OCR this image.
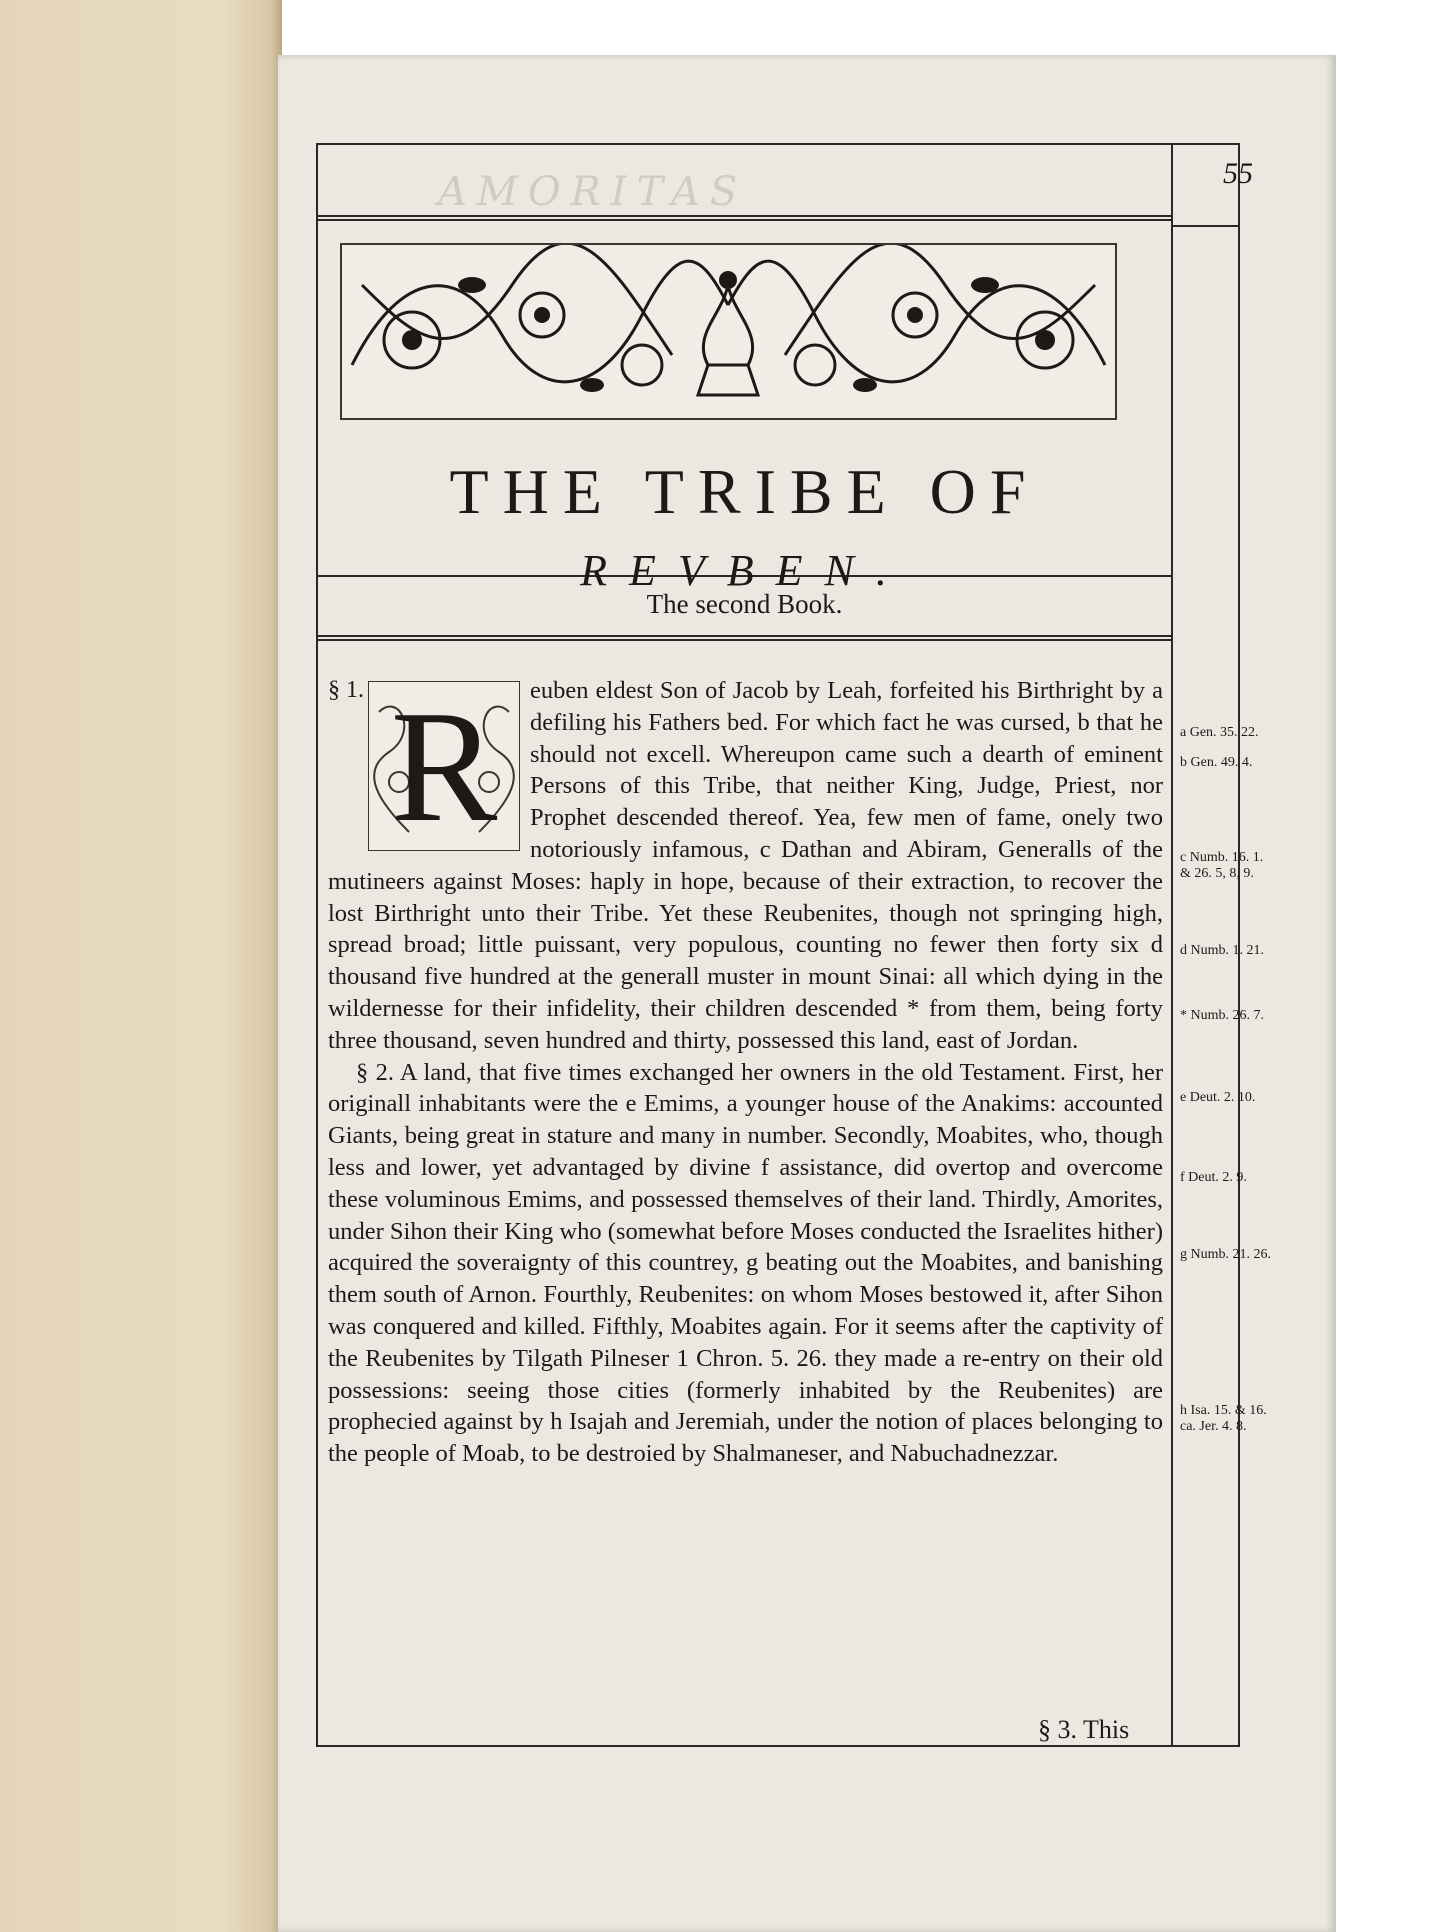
AMORITAS	55
THE TRIBE OF
REVBEN.
The second Book.
§ 1. R	euben eldest Son of Jacob by Leah, forfeited his Birthright by a defiling his Fathers bed. For which fact he was cursed, b that he should not excell. Whereupon came such a dearth of eminent Persons of this Tribe, that neither King, Judge, Priest, nor Prophet descended thereof. Yea, few men of fame, onely two notoriously infamous, c Dathan and Abiram, Generalls of the mutineers against Moses: haply in hope, because of their extraction, to recover the lost Birthright unto their Tribe. Yet these Reubenites, though not springing high, spread broad; little puissant, very populous, counting no fewer then forty six d thousand five hundred at the generall muster in mount Sinai: all which dying in the wildernesse for their infidelity, their children descended * from them, being forty three thousand, seven hundred and thirty, possessed this land, east of Jordan.

§ 2. A land, that five times exchanged her owners in the old Testament. First, her originall inhabitants were the e Emims, a younger house of the Anakims: accounted Giants, being great in stature and many in number. Secondly, Moabites, who, though less and lower, yet advantaged by divine f assistance, did overtop and overcome these voluminous Emims, and possessed themselves of their land. Thirdly, Amorites, under Sihon their King who (somewhat before Moses conducted the Israelites hither) acquired the soveraignty of this countrey, g beating out the Moabites, and banishing them south of Arnon. Fourthly, Reubenites: on whom Moses bestowed it, after Sihon was conquered and killed. Fifthly, Moabites again. For it seems after the captivity of the Reubenites by Tilgath Pilneser 1 Chron. 5. 26. they made a re-entry on their old possessions: seeing those cities (formerly inhabited by the Reubenites) are prophecied against by h Isajah and Jeremiah, under the notion of places belonging to the people of Moab, to be destroied by Shalmaneser, and Nabuchadnezzar.

a Gen. 35. 22.
b Gen. 49. 4.
c Numb. 16. 1. & 26. 5, 8, 9.
d Numb. 1. 21.
* Numb. 26. 7.
e Deut. 2. 10.
f Deut. 2. 9.
g Numb. 21. 26.
h Isa. 15. & 16. ca. Jer. 4. 8.
§ 3. This
